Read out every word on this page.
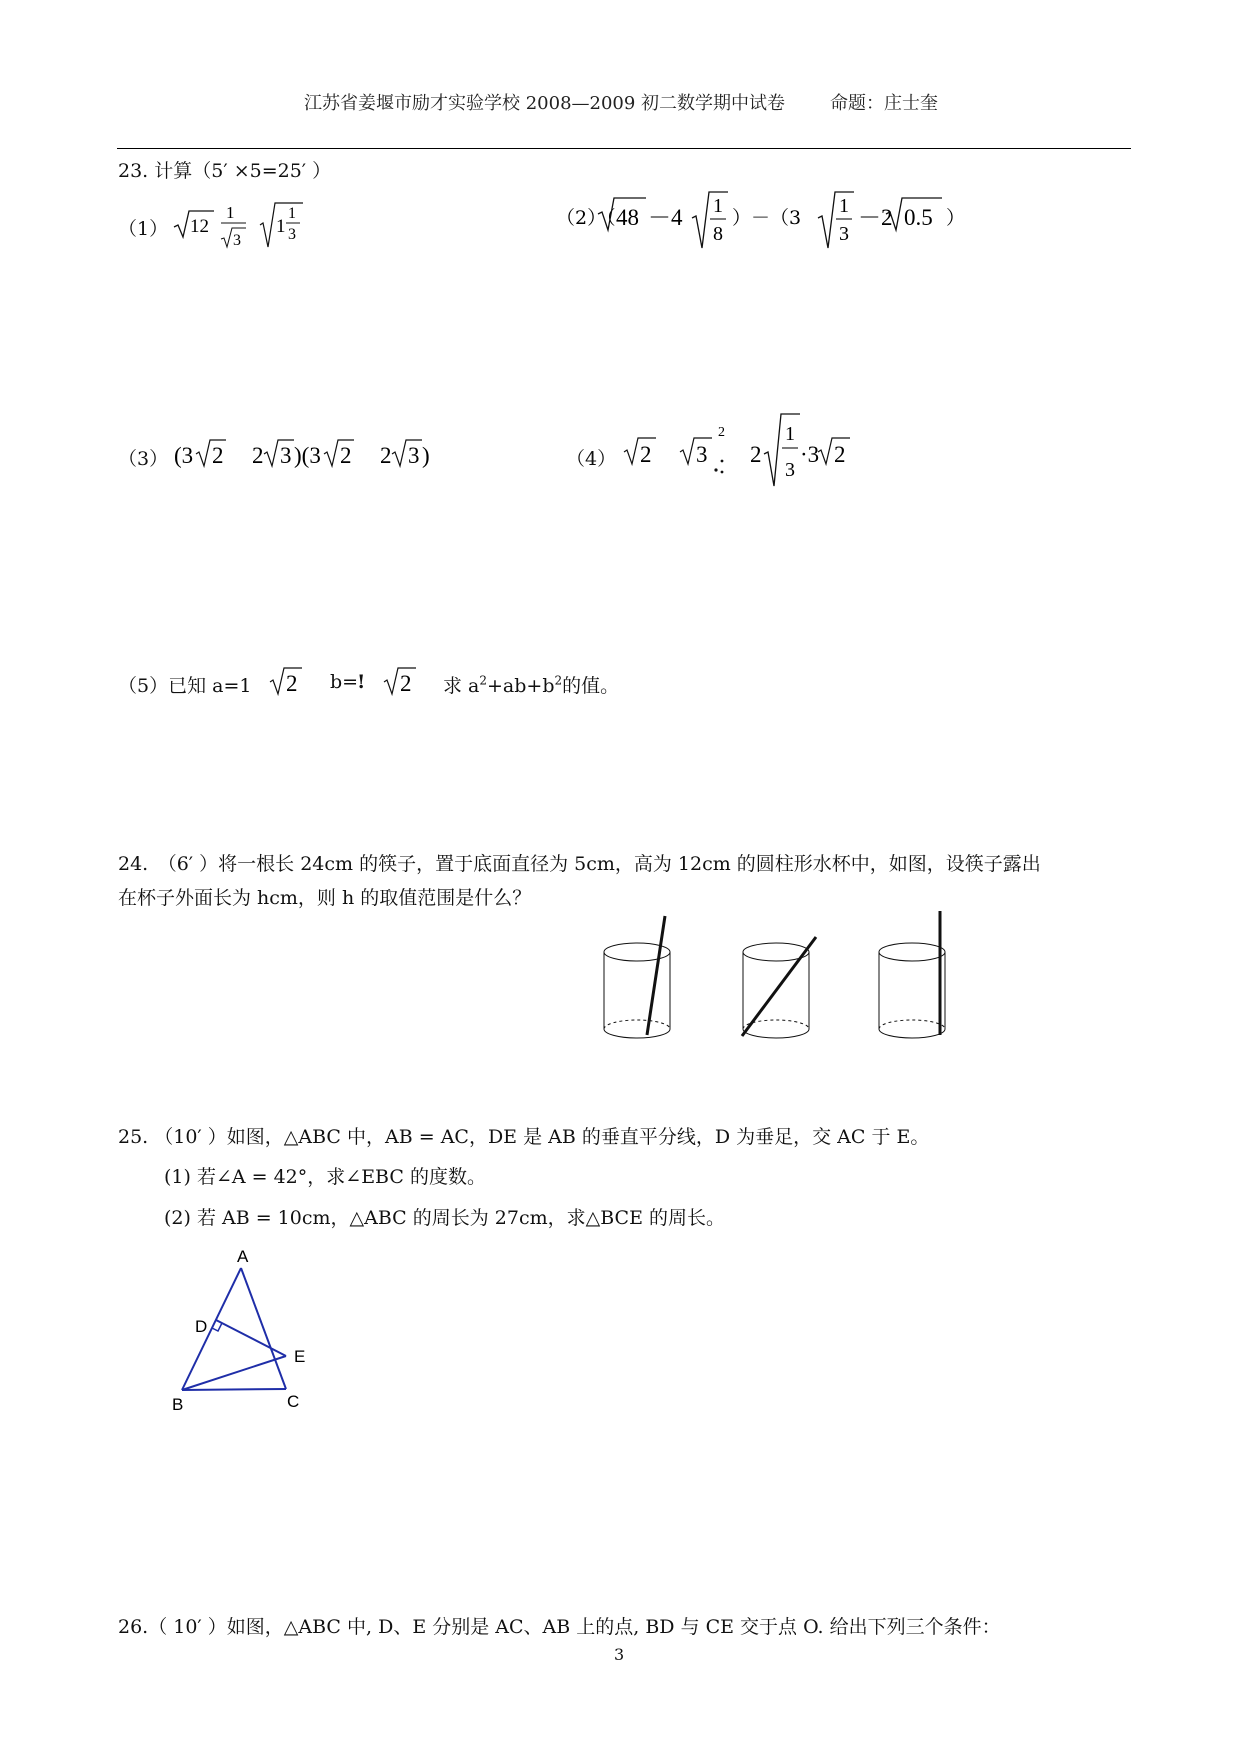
江苏省姜堰市励才实验学校 2008—2009 初二数学期中试卷 命题：庄士奎
23. 计算（5′ ×5=25′ ）
（1） 12
1
3
1
1
3
（2）（ 48 －4 1
8
）－（3
1
3
－2 0.5 ）
（3） (3 2 2 3 )(3 2 2 3 )	（4） 2 3
2
2
1
3
·3 2
（5）已知 a=1 2 b=
! 2 求 $a^2+ab+b^2$的值。
24.　（6′ ）将一根长 24cm 的筷子，置于底面直径为 5cm，高为 12cm 的圆柱形水杯中，如图，设筷子露出
在杯子外面长为 hcm，则 h 的取值范围是什么？
25. （10′ ）如图，△ABC 中，AB = AC，DE 是 AB 的垂直平分线，D 为垂足，交 AC 于 E。
(1) 若∠A = 42°，求∠EBC 的度数。
(2) 若 AB = 10cm，△ABC 的周长为 27cm，求△BCE 的周长。
A
D
E
B	C
26.（ 10′ ）如图，△ABC 中, D、E 分别是 AC、AB 上的点, BD 与 CE 交于点 O. 给出下列三个条件：
3
